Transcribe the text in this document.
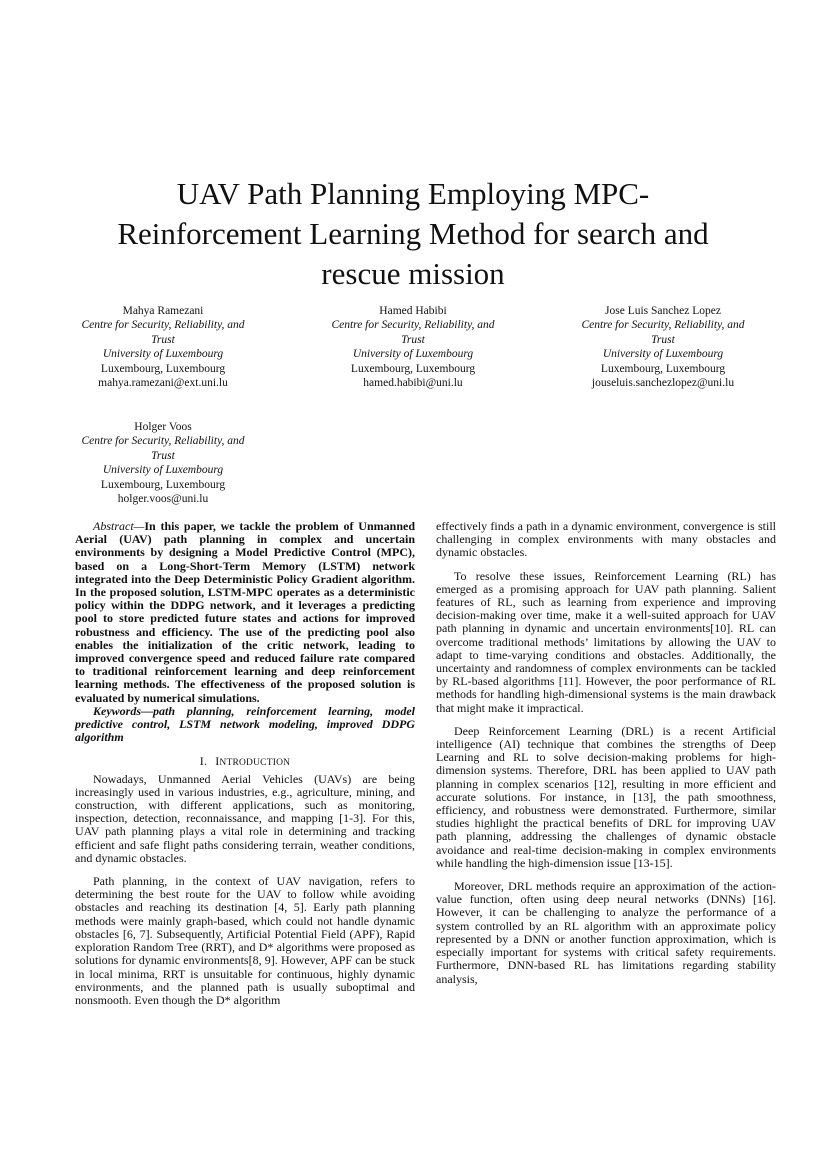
UAV Path Planning Employing MPC-
Reinforcement Learning Method for search and
rescue mission
Mahya Ramezani
Centre for Security, Reliability, and
Trust
University of Luxembourg
Luxembourg, Luxembourg
mahya.ramezani@ext.uni.lu
Hamed Habibi
Centre for Security, Reliability, and
Trust
University of Luxembourg
Luxembourg, Luxembourg
hamed.habibi@uni.lu
Jose Luis Sanchez Lopez
Centre for Security, Reliability, and
Trust
University of Luxembourg
Luxembourg, Luxembourg
jouseluis.sanchezlopez@uni.lu
Holger Voos
Centre for Security, Reliability, and
Trust
University of Luxembourg
Luxembourg, Luxembourg
holger.voos@uni.lu

Abstract—In this paper, we tackle the problem of Unmanned Aerial (UAV) path planning in complex and uncertain environments by designing a Model Predictive Control (MPC), based on a Long-Short-Term Memory (LSTM) network integrated into the Deep Deterministic Policy Gradient algorithm. In the proposed solution, LSTM-MPC operates as a deterministic policy within the DDPG network, and it leverages a predicting pool to store predicted future states and actions for improved robustness and efficiency. The use of the predicting pool also enables the initialization of the critic network, leading to improved convergence speed and reduced failure rate compared to traditional reinforcement learning and deep reinforcement learning methods. The effectiveness of the proposed solution is evaluated by numerical simulations.

Keywords—path planning, reinforcement learning, model predictive control, LSTM network modeling, improved DDPG algorithm

I. INTRODUCTION

Nowadays, Unmanned Aerial Vehicles (UAVs) are being increasingly used in various industries, e.g., agriculture, mining, and construction, with different applications, such as monitoring, inspection, detection, reconnaissance, and mapping [1-3]. For this, UAV path planning plays a vital role in determining and tracking efficient and safe flight paths considering terrain, weather conditions, and dynamic obstacles.

Path planning, in the context of UAV navigation, refers to determining the best route for the UAV to follow while avoiding obstacles and reaching its destination [4, 5]. Early path planning methods were mainly graph-based, which could not handle dynamic obstacles [6, 7]. Subsequently, Artificial Potential Field (APF), Rapid exploration Random Tree (RRT), and D* algorithms were proposed as solutions for dynamic environments[8, 9]. However, APF can be stuck in local minima, RRT is unsuitable for continuous, highly dynamic environments, and the planned path is usually suboptimal and nonsmooth. Even though the D* algorithm

effectively finds a path in a dynamic environment, convergence is still challenging in complex environments with many obstacles and dynamic obstacles.

To resolve these issues, Reinforcement Learning (RL) has emerged as a promising approach for UAV path planning. Salient features of RL, such as learning from experience and improving decision-making over time, make it a well-suited approach for UAV path planning in dynamic and uncertain environments[10]. RL can overcome traditional methods’ limitations by allowing the UAV to adapt to time-varying conditions and obstacles. Additionally, the uncertainty and randomness of complex environments can be tackled by RL-based algorithms [11]. However, the poor performance of RL methods for handling high-dimensional systems is the main drawback that might make it impractical.

Deep Reinforcement Learning (DRL) is a recent Artificial intelligence (AI) technique that combines the strengths of Deep Learning and RL to solve decision-making problems for high-dimension systems. Therefore, DRL has been applied to UAV path planning in complex scenarios [12], resulting in more efficient and accurate solutions. For instance, in [13], the path smoothness, efficiency, and robustness were demonstrated. Furthermore, similar studies highlight the practical benefits of DRL for improving UAV path planning, addressing the challenges of dynamic obstacle avoidance and real-time decision-making in complex environments while handling the high-dimension issue [13-15].

Moreover, DRL methods require an approximation of the action-value function, often using deep neural networks (DNNs) [16]. However, it can be challenging to analyze the performance of a system controlled by an RL algorithm with an approximate policy represented by a DNN or another function approximation, which is especially important for systems with critical safety requirements. Furthermore, DNN-based RL has limitations regarding stability analysis,
